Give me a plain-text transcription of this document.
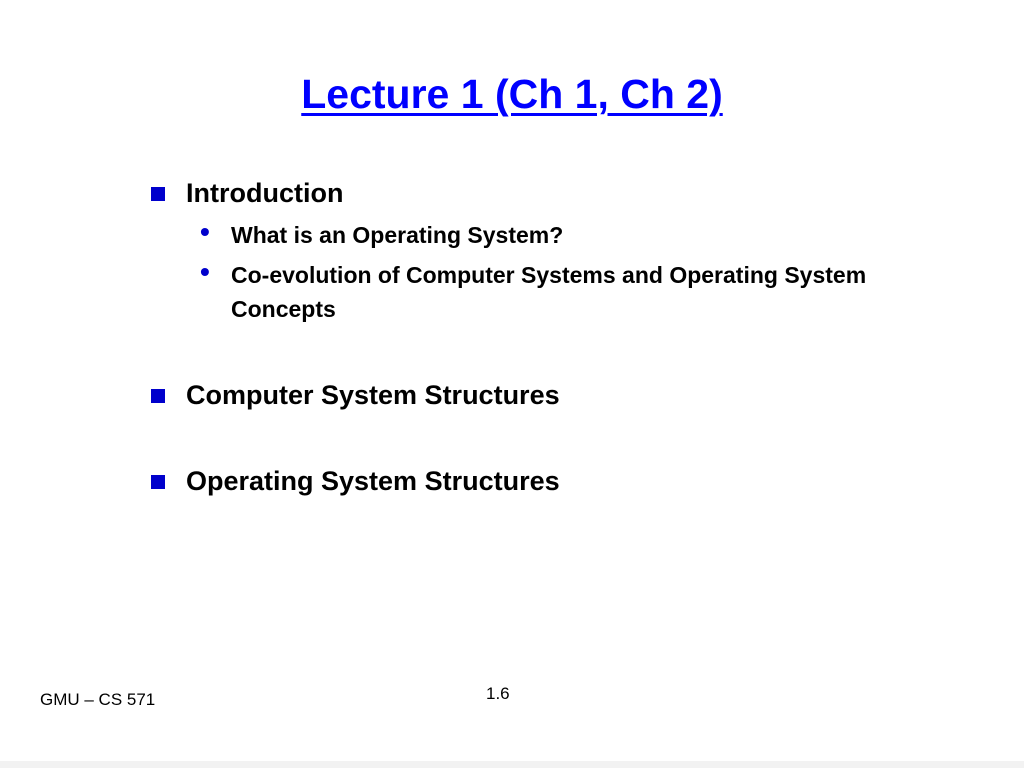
Lecture 1 (Ch 1, Ch 2)
Introduction
• What is an Operating System?
• Co-evolution of Computer Systems and Operating System Concepts
Computer System Structures
Operating System Structures
GMU – CS 571	1.6
